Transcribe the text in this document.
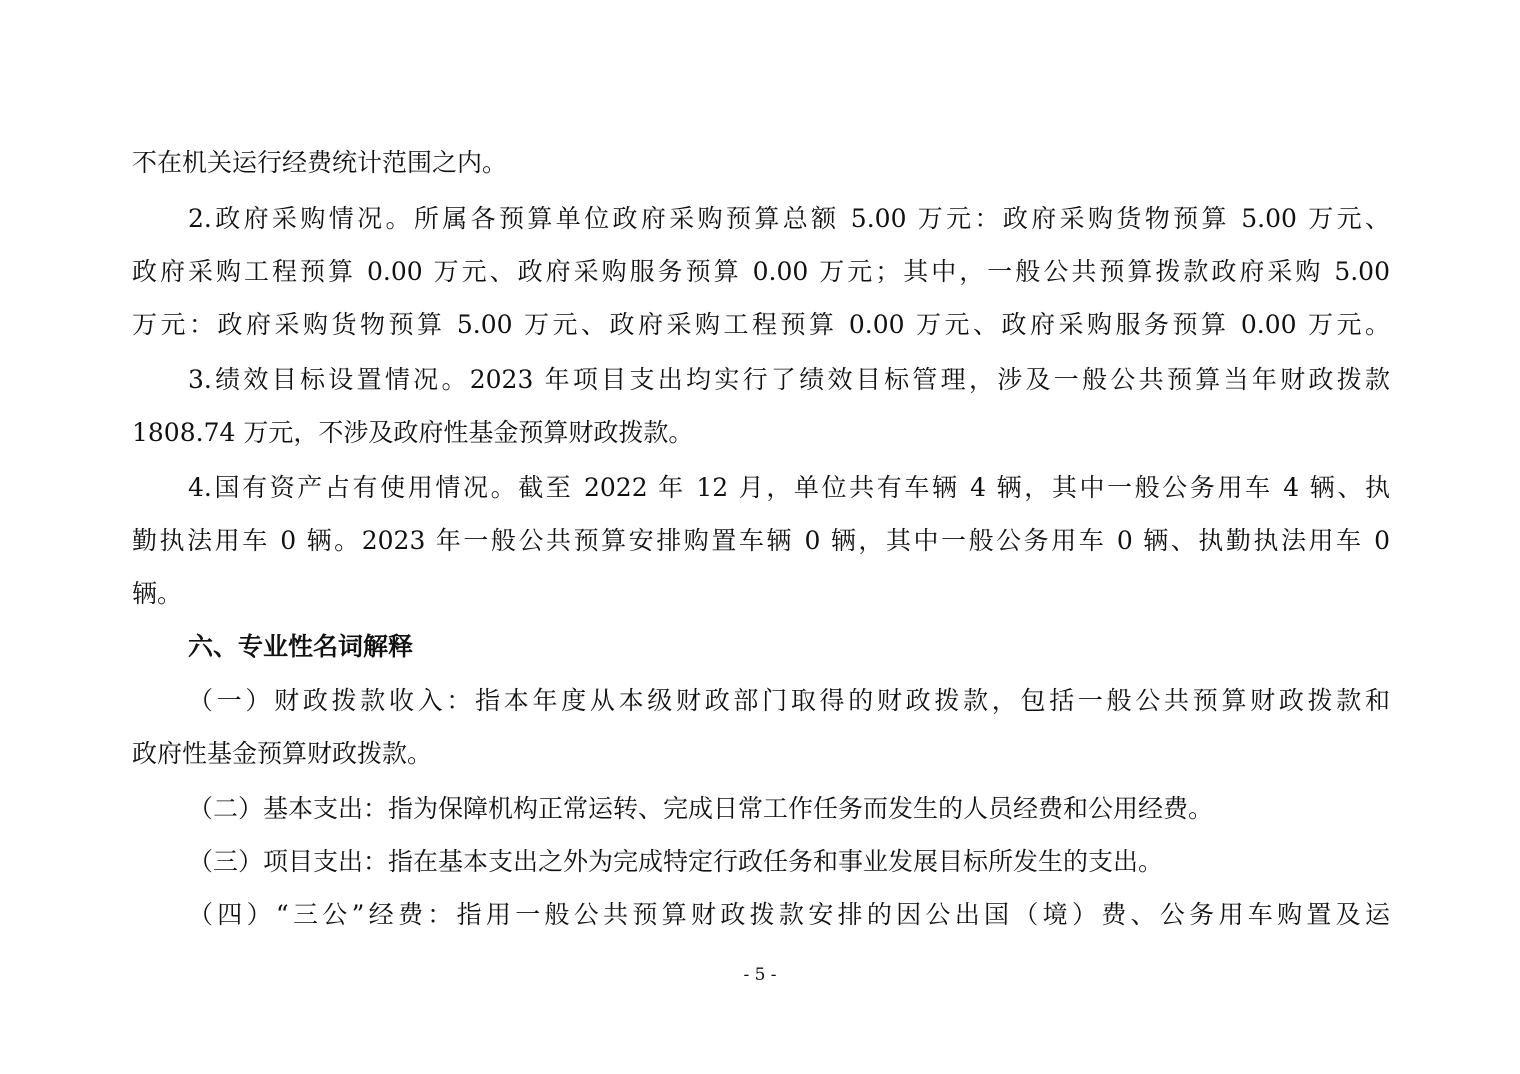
不在机关运行经费统计范围之内。
2.政府采购情况。所属各预算单位政府采购预算总额 5.00 万元：政府采购货物预算 5.00 万元、
政府采购工程预算 0.00 万元、政府采购服务预算 0.00 万元；其中，一般公共预算拨款政府采购 5.00
万元：政府采购货物预算 5.00 万元、政府采购工程预算 0.00 万元、政府采购服务预算 0.00 万元。
3.绩效目标设置情况。2023 年项目支出均实行了绩效目标管理，涉及一般公共预算当年财政拨款
1808.74 万元，不涉及政府性基金预算财政拨款。
4.国有资产占有使用情况。截至 2022 年 12 月，单位共有车辆 4 辆，其中一般公务用车 4 辆、执
勤执法用车 0 辆。2023 年一般公共预算安排购置车辆 0 辆，其中一般公务用车 0 辆、执勤执法用车 0
辆。
六、专业性名词解释
（一）财政拨款收入：指本年度从本级财政部门取得的财政拨款，包括一般公共预算财政拨款和
政府性基金预算财政拨款。
（二）基本支出：指为保障机构正常运转、完成日常工作任务而发生的人员经费和公用经费。
（三）项目支出：指在基本支出之外为完成特定行政任务和事业发展目标所发生的支出。
（四）“三公”经费：指用一般公共预算财政拨款安排的因公出国（境）费、公务用车购置及运
- 5 -
